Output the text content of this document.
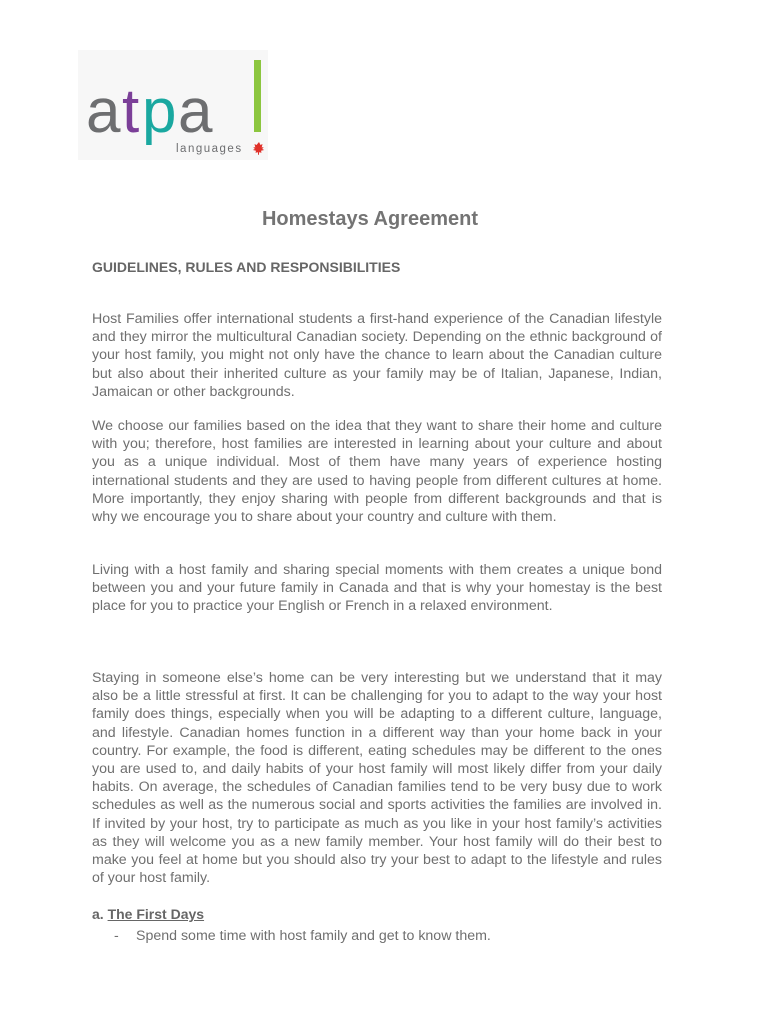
a t p a
languages
Homestays Agreement
GUIDELINES, RULES AND RESPONSIBILITIES

Host Families offer international students a first-hand experience of the Canadian lifestyle and they mirror the multicultural Canadian society. Depending on the ethnic background of your host family, you might not only have the chance to learn about the Canadian culture but also about their inherited culture as your family may be of Italian, Japanese, Indian, Jamaican or other backgrounds.

We choose our families based on the idea that they want to share their home and culture with you; therefore, host families are interested in learning about your culture and about you as a unique individual. Most of them have many years of experience hosting international students and they are used to having people from different cultures at home. More importantly, they enjoy sharing with people from different backgrounds and that is why we encourage you to share about your country and culture with them.

Living with a host family and sharing special moments with them creates a unique bond between you and your future family in Canada and that is why your homestay is the best place for you to practice your English or French in a relaxed environment.

Staying in someone else’s home can be very interesting but we understand that it may also be a little stressful at first. It can be challenging for you to adapt to the way your host family does things, especially when you will be adapting to a different culture, language, and lifestyle. Canadian homes function in a different way than your home back in your country. For example, the food is different, eating schedules may be different to the ones you are used to, and daily habits of your host family will most likely differ from your daily habits. On average, the schedules of Canadian families tend to be very busy due to work schedules as well as the numerous social and sports activities the families are involved in. If invited by your host, try to participate as much as you like in your host family’s activities as they will welcome you as a new family member. Your host family will do their best to make you feel at home but you should also try your best to adapt to the lifestyle and rules of your host family.

a. The First Days
- Spend some time with host family and get to know them.
